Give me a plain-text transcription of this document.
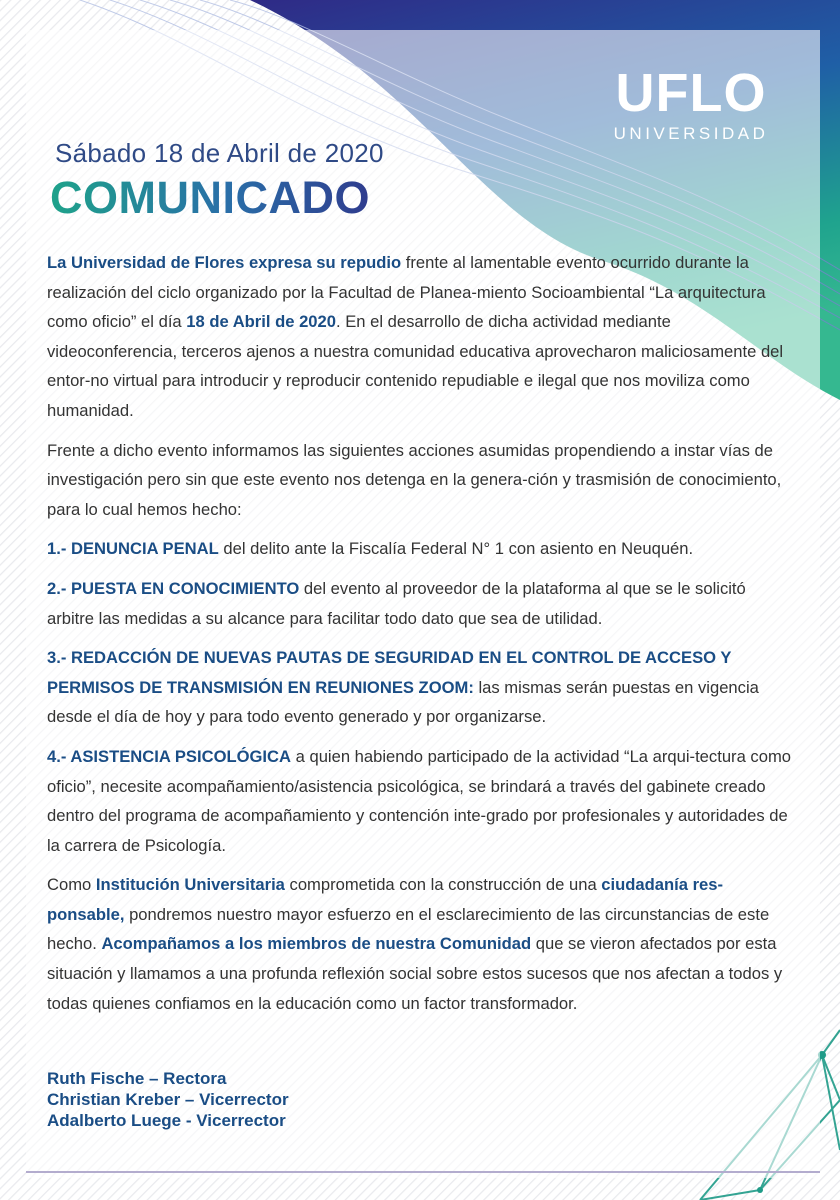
UFLO
UNIVERSIDAD
Sábado 18 de Abril de 2020
COMUNICADO

La Universidad de Flores expresa su repudio frente al lamentable evento ocurrido durante la realización del ciclo organizado por la Facultad de Planea-miento Socioambiental “La arquitectura como oficio” el día 18 de Abril de 2020. En el desarrollo de dicha actividad mediante videoconferencia, terceros ajenos a nuestra comunidad educativa aprovecharon maliciosamente del entor-no virtual para introducir y reproducir contenido repudiable e ilegal que nos moviliza como humanidad.

Frente a dicho evento informamos las siguientes acciones asumidas propendiendo a instar vías de investigación pero sin que este evento nos detenga en la genera-ción y trasmisión de conocimiento, para lo cual hemos hecho:

1.- DENUNCIA PENAL del delito ante la Fiscalía Federal N° 1 con asiento en Neuquén.

2.- PUESTA EN CONOCIMIENTO del evento al proveedor de la plataforma al que se le solicitó arbitre las medidas a su alcance para facilitar todo dato que sea de utilidad.

3.- REDACCIÓN DE NUEVAS PAUTAS DE SEGURIDAD EN EL CONTROL DE ACCESO Y PERMISOS DE TRANSMISIÓN EN REUNIONES ZOOM: las mismas serán puestas en vigencia desde el día de hoy y para todo evento generado y por organizarse.

4.- ASISTENCIA PSICOLÓGICA a quien habiendo participado de la actividad “La arqui-tectura como oficio”, necesite acompañamiento/asistencia psicológica, se brindará a través del gabinete creado dentro del programa de acompañamiento y contención inte-grado por profesionales y autoridades de la carrera de Psicología.

Como Institución Universitaria comprometida con la construcción de una ciudadanía res-ponsable, pondremos nuestro mayor esfuerzo en el esclarecimiento de las circunstancias de este hecho. Acompañamos a los miembros de nuestra Comunidad que se vieron afectados por esta situación y llamamos a una profunda reflexión social sobre estos sucesos que nos afectan a todos y todas quienes confiamos en la educación como un factor transformador.

Ruth Fische – Rectora
Christian Kreber – Vicerrector
Adalberto Luege - Vicerrector
